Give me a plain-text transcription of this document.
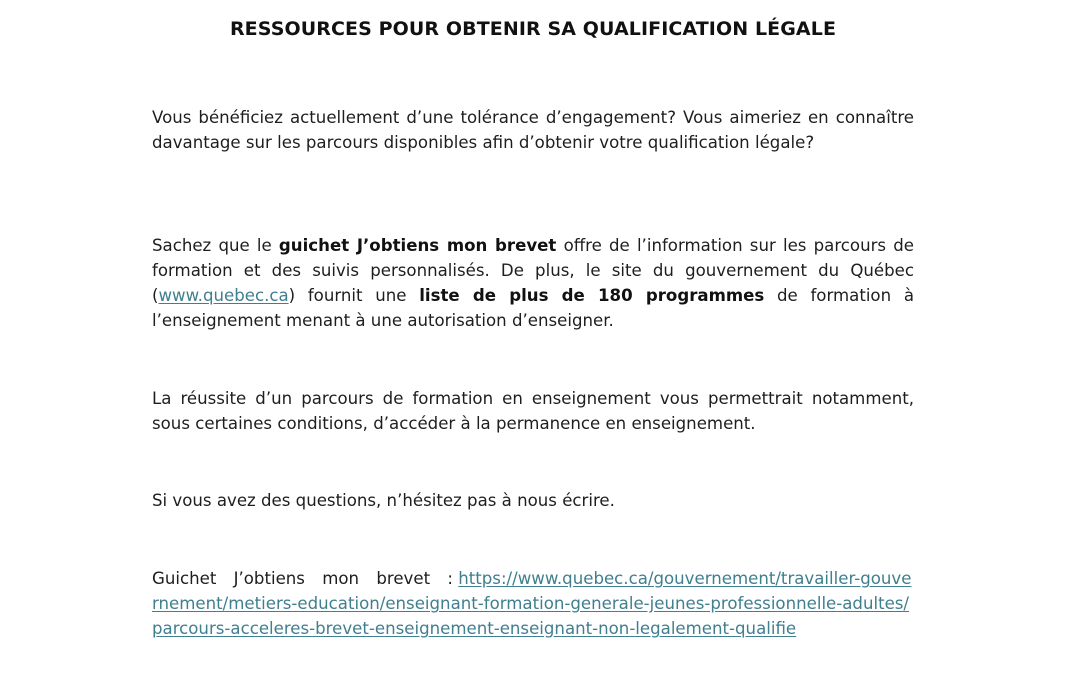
RESSOURCES POUR OBTENIR SA QUALIFICATION LÉGALE

Vous bénéficiez actuellement d’une tolérance d’engagement? Vous aimeriez en connaître davantage sur les parcours disponibles afin d’obtenir votre qualification légale?

Sachez que le guichet J’obtiens mon brevet offre de l’information sur les parcours de formation et des suivis personnalisés. De plus, le site du gouvernement du Québec (www.quebec.ca) fournit une liste de plus de 180 programmes de formation à l’enseignement menant à une autorisation d’enseigner.

La réussite d’un parcours de formation en enseignement vous permettrait notamment, sous certaines conditions, d’accéder à la permanence en enseignement.

Si vous avez des questions, n’hésitez pas à nous écrire.

Guichet J’obtiens mon brevet : https://www.quebec.ca/gouvernement/travailler-gouvernement/metiers-education/enseignant-formation-generale-jeunes-professionnelle-adultes/parcours-acceleres-brevet-enseignement-enseignant-non-legalement-qualifie
